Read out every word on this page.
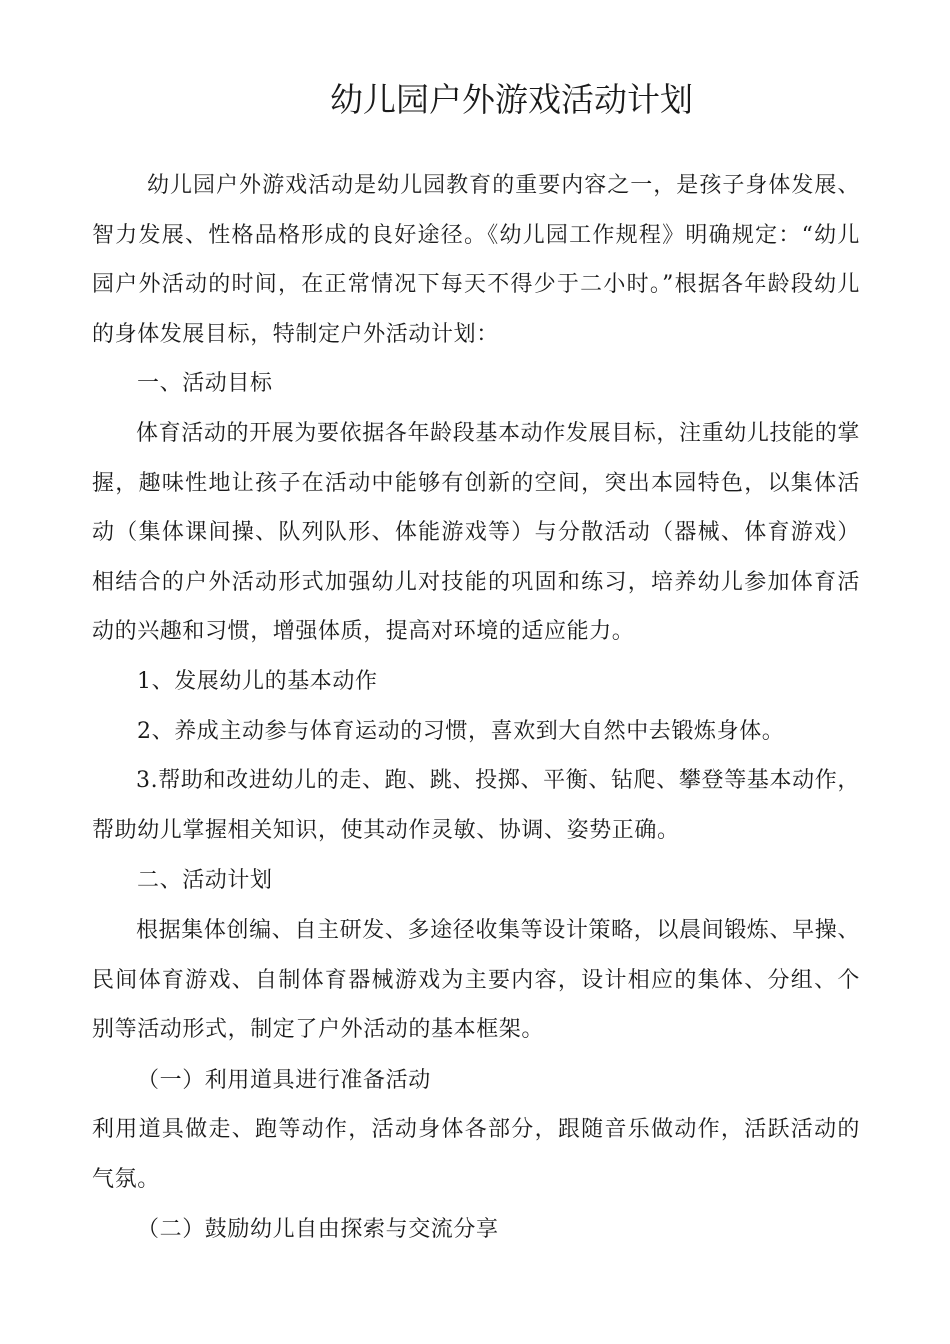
幼儿园户外游戏活动计划
幼儿园户外游戏活动是幼儿园教育的重要内容之一，是孩子身体发展、智力发展、性格品格形成的良好途径。《幼儿园工作规程》明确规定：“幼儿园户外活动的时间，在正常情况下每天不得少于二小时。”根据各年龄段幼儿的身体发展目标，特制定户外活动计划：
一、活动目标
体育活动的开展为要依据各年龄段基本动作发展目标，注重幼儿技能的掌握，趣味性地让孩子在活动中能够有创新的空间，突出本园特色，以集体活动（集体课间操、队列队形、体能游戏等）与分散活动（器械、体育游戏）相结合的户外活动形式加强幼儿对技能的巩固和练习，培养幼儿参加体育活动的兴趣和习惯，增强体质，提高对环境的适应能力。
1、发展幼儿的基本动作
2、养成主动参与体育运动的习惯，喜欢到大自然中去锻炼身体。
3.帮助和改进幼儿的走、跑、跳、投掷、平衡、钻爬、攀登等基本动作，帮助幼儿掌握相关知识，使其动作灵敏、协调、姿势正确。
二、活动计划
根据集体创编、自主研发、多途径收集等设计策略，以晨间锻炼、早操、民间体育游戏、自制体育器械游戏为主要内容，设计相应的集体、分组、个别等活动形式，制定了户外活动的基本框架。
（一）利用道具进行准备活动
利用道具做走、跑等动作，活动身体各部分，跟随音乐做动作，活跃活动的气氛。
（二）鼓励幼儿自由探索与交流分享
